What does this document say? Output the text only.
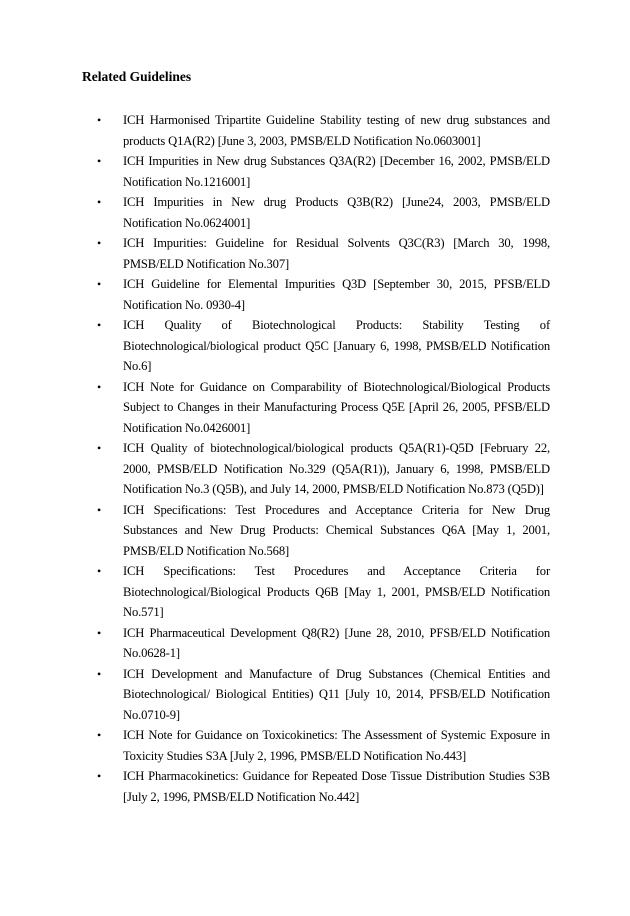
Related Guidelines
• ICH Harmonised Tripartite Guideline Stability testing of new drug substances and
products Q1A(R2) [June 3, 2003, PMSB/ELD Notification No.0603001]
• ICH Impurities in New drug Substances Q3A(R2) [December 16, 2002, PMSB/ELD
Notification No.1216001]
• ICH Impurities in New drug Products Q3B(R2) [June24, 2003, PMSB/ELD
Notification No.0624001]
• ICH Impurities: Guideline for Residual Solvents Q3C(R3) [March 30, 1998,
PMSB/ELD Notification No.307]
• ICH Guideline for Elemental Impurities Q3D [September 30, 2015, PFSB/ELD
Notification No. 0930-4]
• ICH Quality of Biotechnological Products: Stability Testing of
Biotechnological/biological product Q5C [January 6, 1998, PMSB/ELD Notification
No.6]
• ICH Note for Guidance on Comparability of Biotechnological/Biological Products
Subject to Changes in their Manufacturing Process Q5E [April 26, 2005, PFSB/ELD
Notification No.0426001]
• ICH Quality of biotechnological/biological products Q5A(R1)-Q5D [February 22,
2000, PMSB/ELD Notification No.329 (Q5A(R1)), January 6, 1998, PMSB/ELD
Notification No.3 (Q5B), and July 14, 2000, PMSB/ELD Notification No.873 (Q5D)]
• ICH Specifications: Test Procedures and Acceptance Criteria for New Drug
Substances and New Drug Products: Chemical Substances Q6A [May 1, 2001,
PMSB/ELD Notification No.568]
• ICH Specifications: Test Procedures and Acceptance Criteria for
Biotechnological/Biological Products Q6B [May 1, 2001, PMSB/ELD Notification
No.571]
• ICH Pharmaceutical Development Q8(R2) [June 28, 2010, PFSB/ELD Notification
No.0628-1]
• ICH Development and Manufacture of Drug Substances (Chemical Entities and
Biotechnological/ Biological Entities) Q11 [July 10, 2014, PFSB/ELD Notification
No.0710-9]
• ICH Note for Guidance on Toxicokinetics: The Assessment of Systemic Exposure in
Toxicity Studies S3A [July 2, 1996, PMSB/ELD Notification No.443]
• ICH Pharmacokinetics: Guidance for Repeated Dose Tissue Distribution Studies S3B
[July 2, 1996, PMSB/ELD Notification No.442]
